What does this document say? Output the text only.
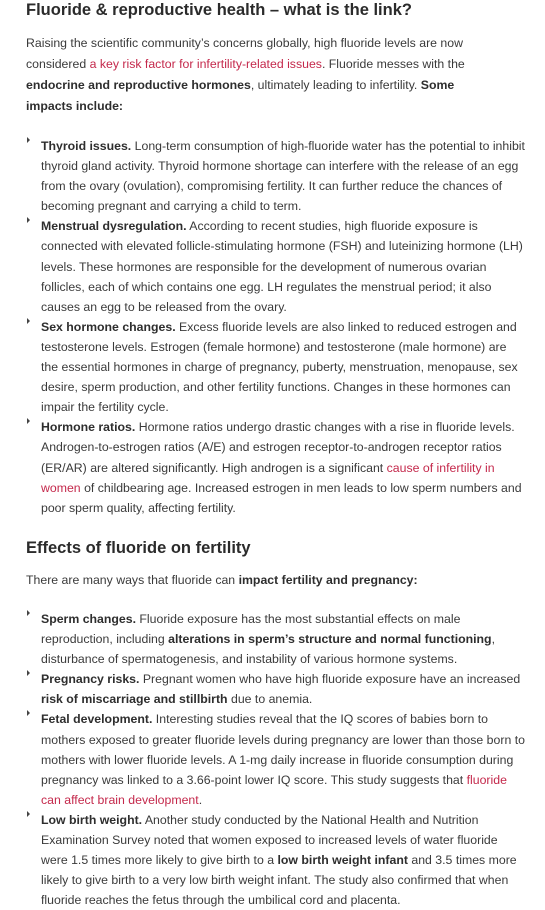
Fluoride & reproductive health – what is the link?

Raising the scientific community’s concerns globally, high fluoride levels are now considered a key risk factor for infertility-related issues. Fluoride messes with the endocrine and reproductive hormones, ultimately leading to infertility. Some impacts include:

Thyroid issues. Long-term consumption of high-fluoride water has the potential to inhibit thyroid gland activity. Thyroid hormone shortage can interfere with the release of an egg from the ovary (ovulation), compromising fertility. It can further reduce the chances of becoming pregnant and carrying a child to term.
Menstrual dysregulation. According to recent studies, high fluoride exposure is connected with elevated follicle-stimulating hormone (FSH) and luteinizing hormone (LH) levels. These hormones are responsible for the development of numerous ovarian follicles, each of which contains one egg. LH regulates the menstrual period; it also causes an egg to be released from the ovary.
Sex hormone changes. Excess fluoride levels are also linked to reduced estrogen and testosterone levels. Estrogen (female hormone) and testosterone (male hormone) are the essential hormones in charge of pregnancy, puberty, menstruation, menopause, sex desire, sperm production, and other fertility functions. Changes in these hormones can impair the fertility cycle.
Hormone ratios. Hormone ratios undergo drastic changes with a rise in fluoride levels. Androgen-to-estrogen ratios (A/E) and estrogen receptor-to-androgen receptor ratios (ER/AR) are altered significantly. High androgen is a significant cause of infertility in women of childbearing age. Increased estrogen in men leads to low sperm numbers and poor sperm quality, affecting fertility.
Effects of fluoride on fertility

There are many ways that fluoride can impact fertility and pregnancy:

Sperm changes. Fluoride exposure has the most substantial effects on male reproduction, including alterations in sperm’s structure and normal functioning, disturbance of spermatogenesis, and instability of various hormone systems.
Pregnancy risks. Pregnant women who have high fluoride exposure have an increased risk of miscarriage and stillbirth due to anemia.
Fetal development. Interesting studies reveal that the IQ scores of babies born to mothers exposed to greater fluoride levels during pregnancy are lower than those born to mothers with lower fluoride levels. A 1-mg daily increase in fluoride consumption during pregnancy was linked to a 3.66-point lower IQ score. This study suggests that fluoride can affect brain development.
Low birth weight. Another study conducted by the National Health and Nutrition Examination Survey noted that women exposed to increased levels of water fluoride were 1.5 times more likely to give birth to a low birth weight infant and 3.5 times more likely to give birth to a very low birth weight infant. The study also confirmed that when fluoride reaches the fetus through the umbilical cord and placenta.
